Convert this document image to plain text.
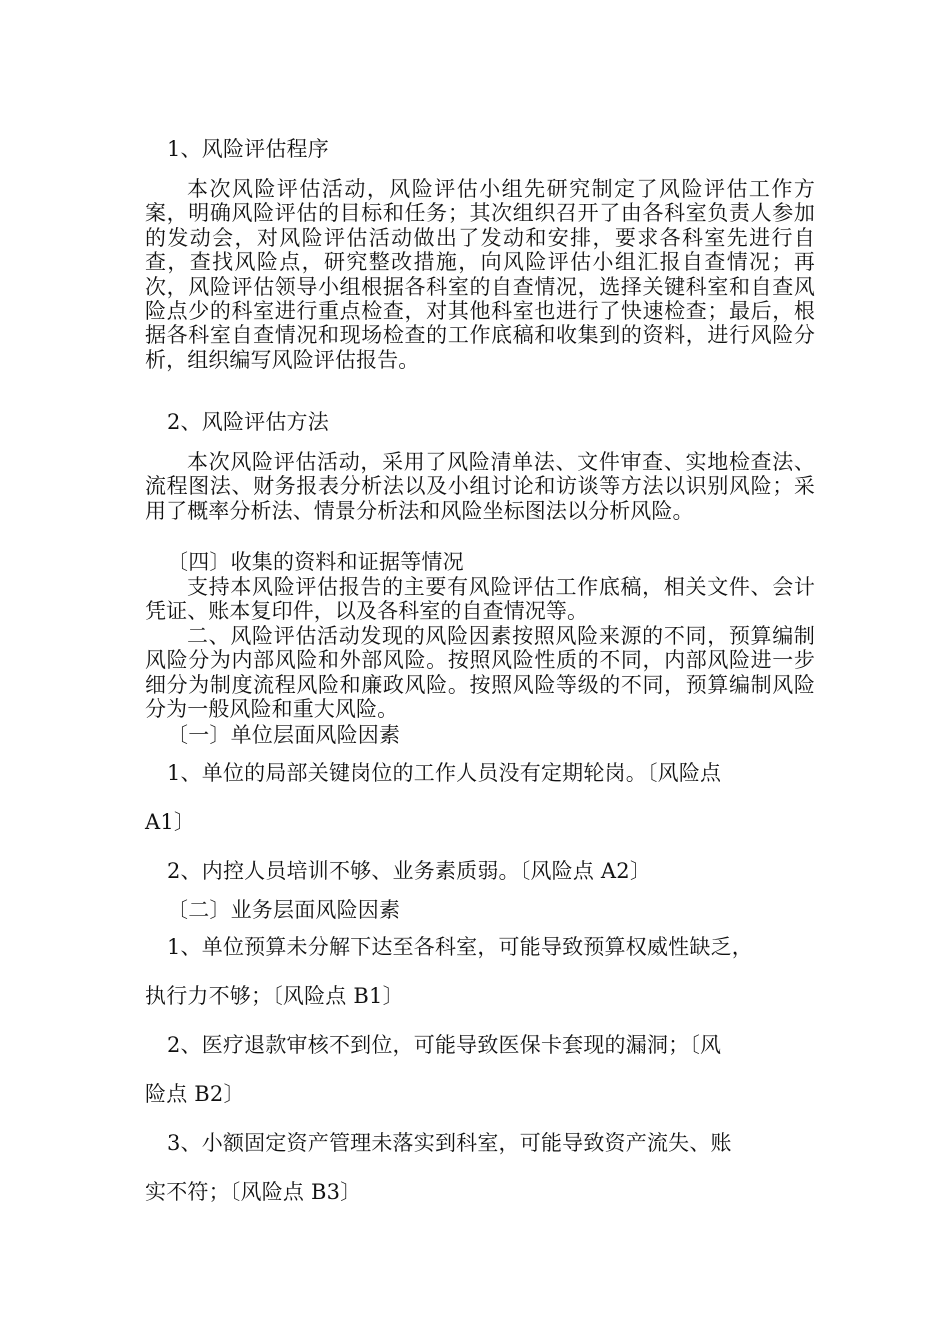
1、风险评估程序
本次风险评估活动，风险评估小组先研究制定了风险评估工作方案，明确风险评估的目标和任务；其次组织召开了由各科室负责人参加的发动会，对风险评估活动做出了发动和安排，要求各科室先进行自查，查找风险点，研究整改措施，向风险评估小组汇报自查情况；再次，风险评估领导小组根据各科室的自查情况，选择关键科室和自查风险点少的科室进行重点检查，对其他科室也进行了快速检查；最后，根据各科室自查情况和现场检查的工作底稿和收集到的资料，进行风险分析，组织编写风险评估报告。
2、风险评估方法
本次风险评估活动，采用了风险清单法、文件审查、实地检查法、流程图法、财务报表分析法以及小组讨论和访谈等方法以识别风险；采用了概率分析法、情景分析法和风险坐标图法以分析风险。
〔四〕收集的资料和证据等情况
支持本风险评估报告的主要有风险评估工作底稿，相关文件、会计凭证、账本复印件，以及各科室的自查情况等。
二、风险评估活动发现的风险因素按照风险来源的不同，预算编制风险分为内部风险和外部风险。按照风险性质的不同，内部风险进一步细分为制度流程风险和廉政风险。按照风险等级的不同，预算编制风险分为一般风险和重大风险。
〔一〕单位层面风险因素
1、单位的局部关键岗位的工作人员没有定期轮岗。〔风险点
A1〕
2、内控人员培训不够、业务素质弱。〔风险点 A2〕
〔二〕业务层面风险因素
1、单位预算未分解下达至各科室，可能导致预算权威性缺乏，
执行力不够；〔风险点 B1〕
2、医疗退款审核不到位，可能导致医保卡套现的漏洞；〔风
险点 B2〕
3、小额固定资产管理未落实到科室，可能导致资产流失、账
实不符；〔风险点 B3〕
